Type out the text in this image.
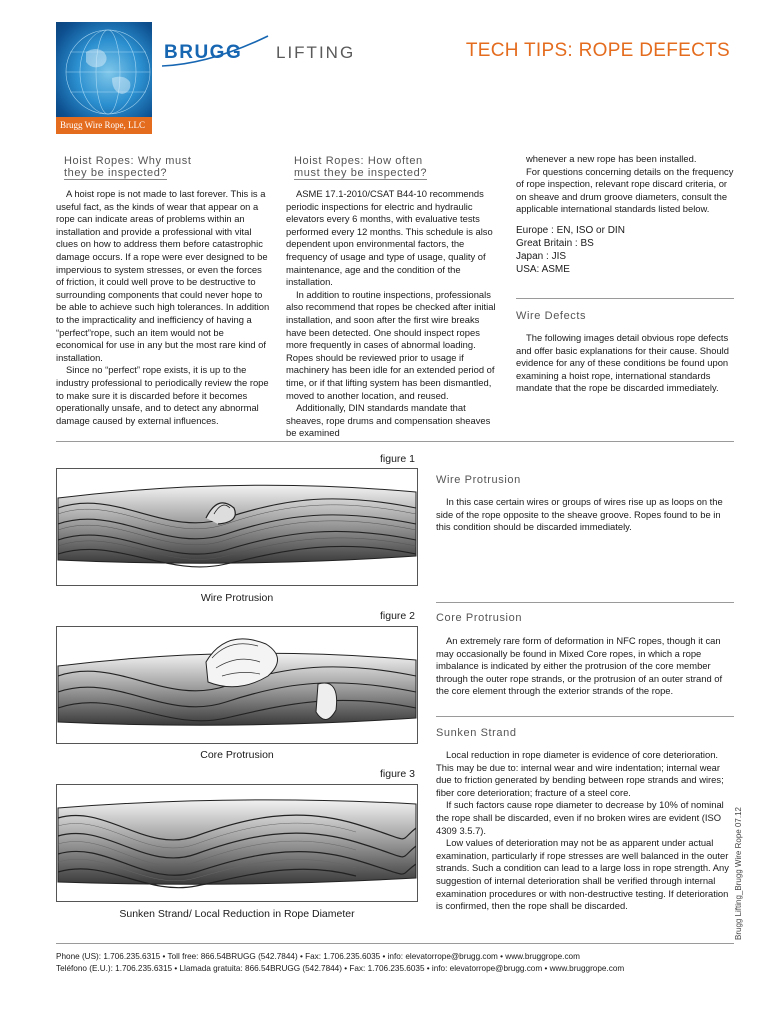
Brugg Wire Rope, LLC
BRUGG LIFTING	TECH TIPS: ROPE DEFECTS
Hoist Ropes: Why must
they be inspected?

A hoist rope is not made to last forever. This is a useful fact, as the kinds of wear that appear on a rope can indicate areas of problems within an installation and provide a professional with vital clues on how to address them before catastrophic damage occurs. If a rope were ever designed to be impervious to system stresses, or even the forces of friction, it could well prove to be destructive to surrounding components that could never hope to be able to achieve such high tolerances. In addition to the impracticality and inefficiency of having a “perfect”rope, such an item would not be economical for use in any but the most rare kind of installation.

Since no “perfect” rope exists, it is up to the industry professional to periodically review the rope to make sure it is discarded before it becomes operationally unsafe, and to detect any abnormal damage caused by external influences.

Hoist Ropes: How often
must they be inspected?

ASME 17.1-2010/CSAT B44-10 recommends periodic inspections for electric and hydraulic elevators every 6 months, with evaluative tests performed every 12 months. This schedule is also dependent upon environmental factors, the frequency of usage and type of usage, quality of maintenance, age and the condition of the installation.

In addition to routine inspections, professionals also recommend that ropes be checked after initial installation, and soon after the first wire breaks have been detected. One should inspect ropes more frequently in cases of abnormal loading. Ropes should be reviewed prior to usage if machinery has been idle for an extended period of time, or if that lifting system has been dismantled, moved to another location, and reused.

Additionally, DIN standards mandate that sheaves, rope drums and compensation sheaves be examined

whenever a new rope has been installed.

For questions concerning details on the frequency of rope inspection, relevant rope discard criteria, or on sheave and drum groove diameters, consult the applicable international standards listed below.

Europe : EN, ISO or DIN
Great Britain : BS
Japan : JIS
USA: ASME
Wire Defects

The following images detail obvious rope defects and offer basic explanations for their cause. Should evidence for any of these conditions be found upon examining a hoist rope, international standards mandate that the rope be discarded immediately.

figure 1
Wire Protrusion
figure 2
Core Protrusion
figure 3
Sunken Strand/ Local Reduction in Rope Diameter
Wire Protrusion

In this case certain wires or groups of wires rise up as loops on the side of the rope opposite to the sheave groove. Ropes found to be in this condition should be discarded immediately.

Core Protrusion

An extremely rare form of deformation in NFC ropes, though it can may occasionally be found in Mixed Core ropes, in which a rope imbalance is indicated by either the protrusion of the core member through the outer rope strands, or the protrusion of an outer strand of the core element through the exterior strands of the rope.

Sunken Strand

Local reduction in rope diameter is evidence of core deterioration. This may be due to: internal wear and wire indentation; internal wear due to friction generated by bending between rope strands and wires; fiber core deterioration; fracture of a steel core.

If such factors cause rope diameter to decrease by 10% of nominal the rope shall be discarded, even if no broken wires are evident (ISO 4309 3.5.7).

Low values of deterioration may not be as apparent under actual examination, particularly if rope stresses are well balanced in the outer strands. Such a condition can lead to a large loss in rope strength. Any suggestion of internal deterioration shall be verified through internal examination procedures or with non-destructive testing. If deterioration is confirmed, then the rope shall be discarded.	Brugg Lifting_Brugg Wire Rope 07.12
Phone (US): 1.706.235.6315 • Toll free: 866.54BRUGG (542.7844) • Fax: 1.706.235.6035 • info: elevatorrope@brugg.com • www.bruggrope.com
Teléfono (E.U.): 1.706.235.6315 • Llamada gratuita: 866.54BRUGG (542.7844) • Fax: 1.706.235.6035 • info: elevatorrope@brugg.com • www.bruggrope.com
